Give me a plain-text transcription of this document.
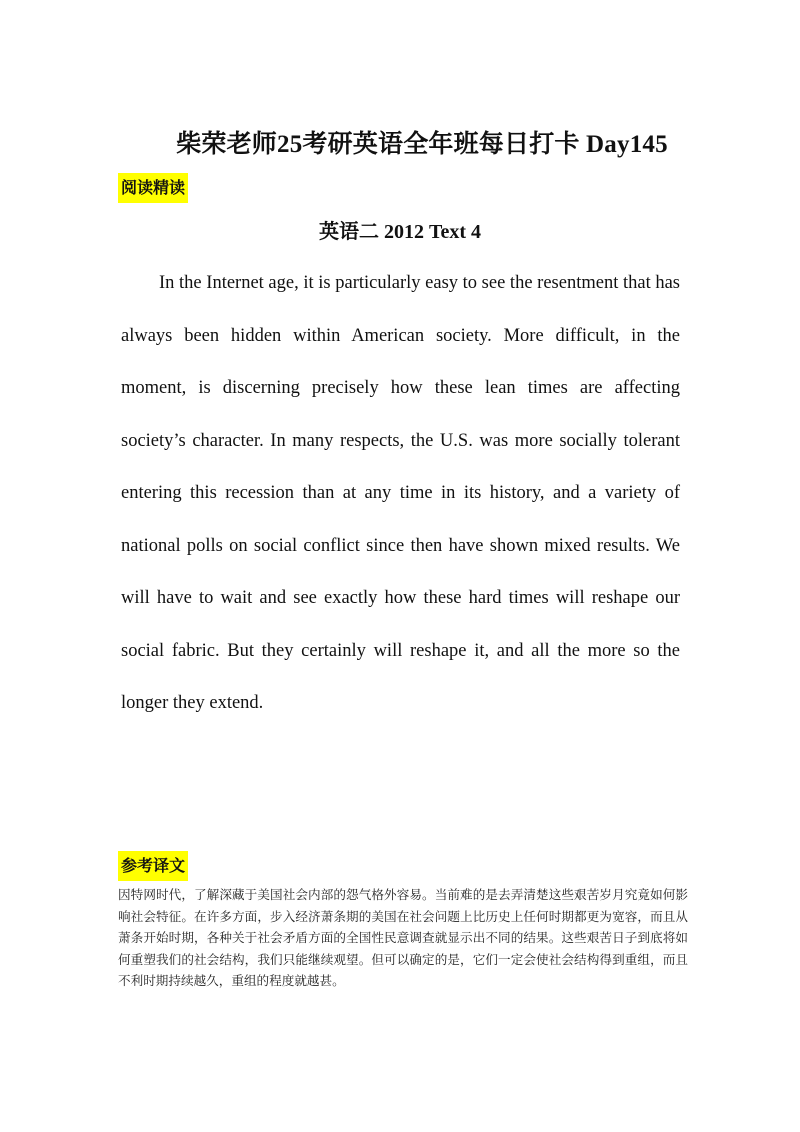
柴荣老师25考研英语全年班每日打卡 Day145
阅读精读
英语二 2012 Text 4

In the Internet age, it is particularly easy to see the resentment that has always been hidden within American society. More difficult, in the moment, is discerning precisely how these lean times are affecting society’s character. In many respects, the U.S. was more socially tolerant entering this recession than at any time in its history, and a variety of national polls on social conflict since then have shown mixed results. We will have to wait and see exactly how these hard times will reshape our social fabric. But they certainly will reshape it, and all the more so the longer they extend.

参考译文

因特网时代，了解深藏于美国社会内部的怨气格外容易。当前难的是去弄清楚这些艰苦岁月究竟如何影响社会特征。在许多方面，步入经济萧条期的美国在社会问题上比历史上任何时期都更为宽容，而且从萧条开始时期，各种关于社会矛盾方面的全国性民意调查就显示出不同的结果。这些艰苦日子到底将如何重塑我们的社会结构，我们只能继续观望。但可以确定的是，它们一定会使社会结构得到重组，而且不利时期持续越久，重组的程度就越甚。
